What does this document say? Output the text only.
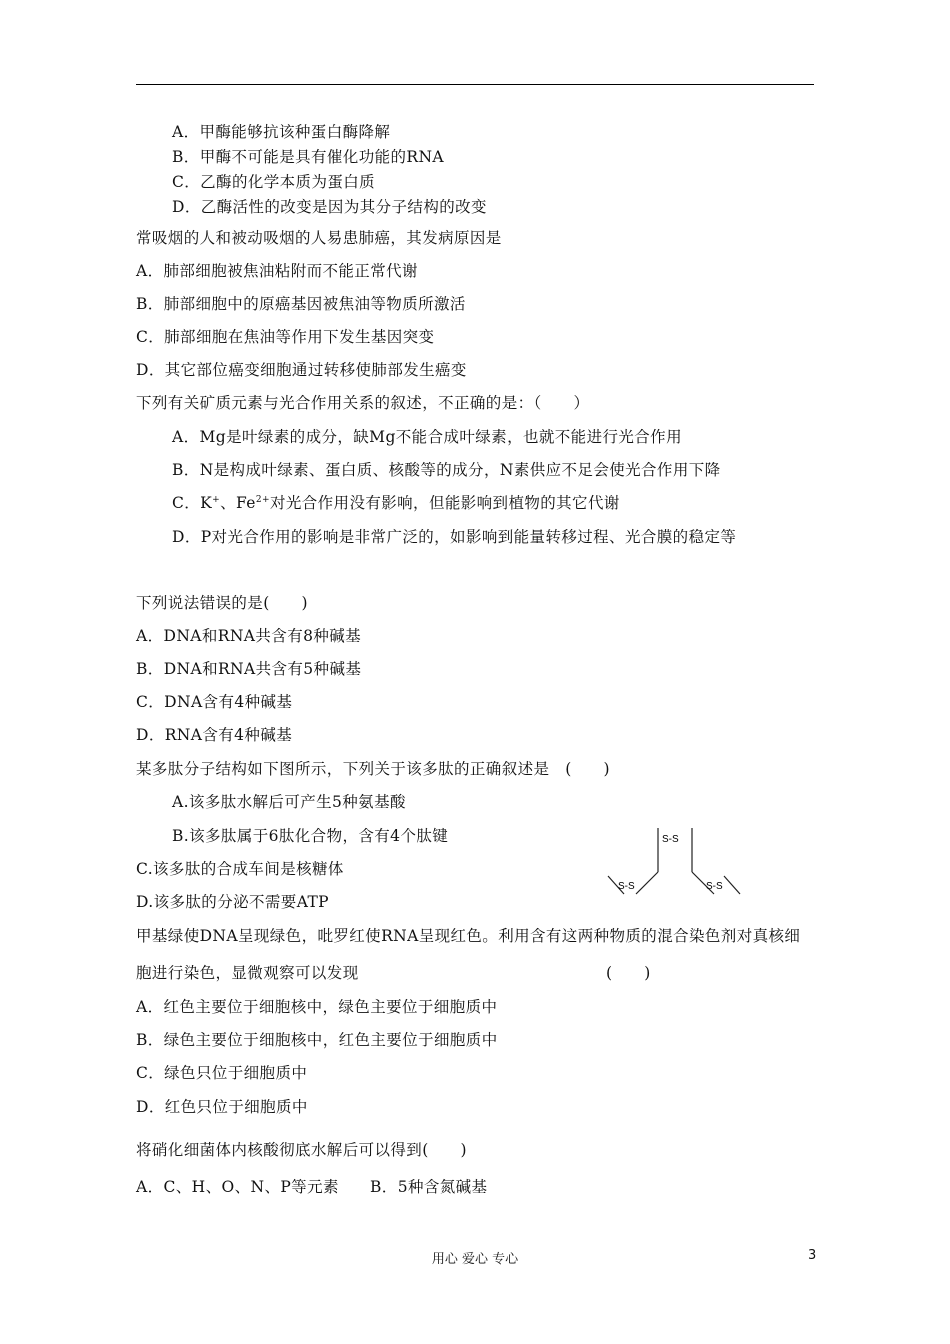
A．甲酶能够抗该种蛋白酶降解
B．甲酶不可能是具有催化功能的RNA
C．乙酶的化学本质为蛋白质
D．乙酶活性的改变是因为其分子结构的改变
常吸烟的人和被动吸烟的人易患肺癌，其发病原因是
A．肺部细胞被焦油粘附而不能正常代谢
B．肺部细胞中的原癌基因被焦油等物质所激活
C．肺部细胞在焦油等作用下发生基因突变
D．其它部位癌变细胞通过转移使肺部发生癌变
下列有关矿质元素与光合作用关系的叙述，不正确的是：（　　）
A．Mg是叶绿素的成分，缺Mg不能合成叶绿素，也就不能进行光合作用
B．N是构成叶绿素、蛋白质、核酸等的成分，N素供应不足会使光合作用下降
C．K+、$Fe^{2+}$对光合作用没有影响，但能影响到植物的其它代谢
D．P对光合作用的影响是非常广泛的，如影响到能量转移过程、光合膜的稳定等
下列说法错误的是(　　)
A．DNA和RNA共含有8种碱基
B．DNA和RNA共含有5种碱基
C．DNA含有4种碱基
D．RNA含有4种碱基
某多肽分子结构如下图所示，下列关于该多肽的正确叙述是　(　　)
A.该多肽水解后可产生5种氨基酸
B.该多肽属于6肽化合物，含有4个肽键
C.该多肽的合成车间是核糖体
D.该多肽的分泌不需要ATP
S-S
S-S	S-S
甲基绿使DNA呈现绿色，吡罗红使RNA呈现红色。利用含有这两种物质的混合染色剂对真核细
胞进行染色，显微观察可以发现	(　　)
A．红色主要位于细胞核中，绿色主要位于细胞质中
B．绿色主要位于细胞核中，红色主要位于细胞质中
C．绿色只位于细胞质中
D．红色只位于细胞质中
将硝化细菌体内核酸彻底水解后可以得到(　　)
A．C、H、O、N、P等元素 B．5种含氮碱基
用心 爱心 专心	3
